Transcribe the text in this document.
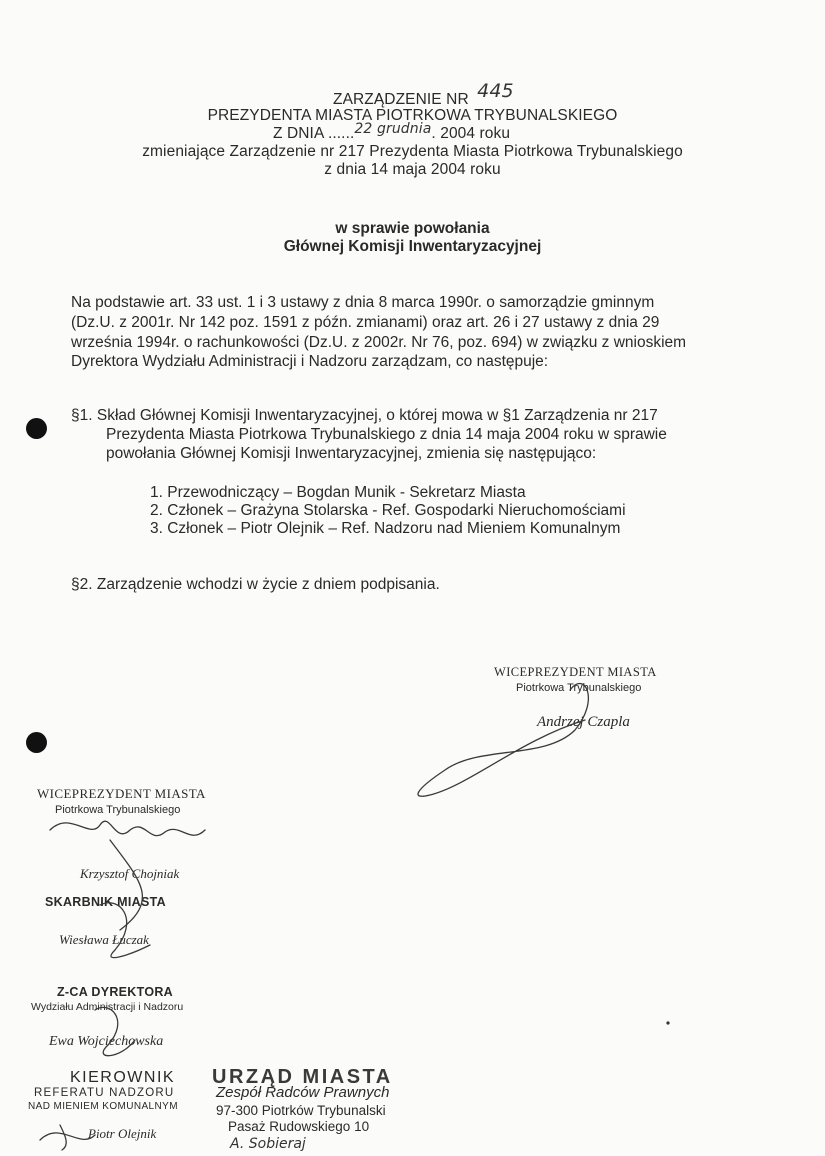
ZARZĄDZENIE NR 445
PREZYDENTA MIASTA PIOTRKOWA TRYBUNALSKIEGO
Z DNIA ......22 grudnia. 2004 roku
zmieniające Zarządzenie nr 217 Prezydenta Miasta Piotrkowa Trybunalskiego
z dnia 14 maja 2004 roku
w sprawie powołania
Głównej Komisji Inwentaryzacyjnej
Na podstawie art. 33 ust. 1 i 3 ustawy z dnia 8 marca 1990r. o samorządzie gminnym
(Dz.U. z 2001r. Nr 142 poz. 1591 z późn. zmianami) oraz art. 26 i 27 ustawy z dnia 29
września 1994r. o rachunkowości (Dz.U. z 2002r. Nr 76, poz. 694) w związku z wnioskiem
Dyrektora Wydziału Administracji i Nadzoru zarządzam, co następuje:
§1. Skład Głównej Komisji Inwentaryzacyjnej, o której mowa w §1 Zarządzenia nr 217
Prezydenta Miasta Piotrkowa Trybunalskiego z dnia 14 maja 2004 roku w sprawie
powołania Głównej Komisji Inwentaryzacyjnej, zmienia się następująco:
1. Przewodniczący – Bogdan Munik - Sekretarz Miasta
2. Członek – Grażyna Stolarska - Ref. Gospodarki Nieruchomościami
3. Członek – Piotr Olejnik – Ref. Nadzoru nad Mieniem Komunalnym
§2. Zarządzenie wchodzi w życie z dniem podpisania.
WICEPREZYDENT MIASTA
Piotrkowa Trybunalskiego
Andrzej Czapla
WICEPREZYDENT MIASTA
Piotrkowa Trybunalskiego
Krzysztof Chojniak
SKARBNIK MIASTA
Wiesława Łuczak
Z-CA DYREKTORA
Wydziału Administracji i Nadzoru
Ewa Wojciechowska
KIEROWNIK
REFERATU NADZORU
NAD MIENIEM KOMUNALNYM
Piotr Olejnik
URZĄD MIASTA
Zespół Radców Prawnych
97-300 Piotrków Trybunalski
Pasaż Rudowskiego 10
A. Sobieraj
